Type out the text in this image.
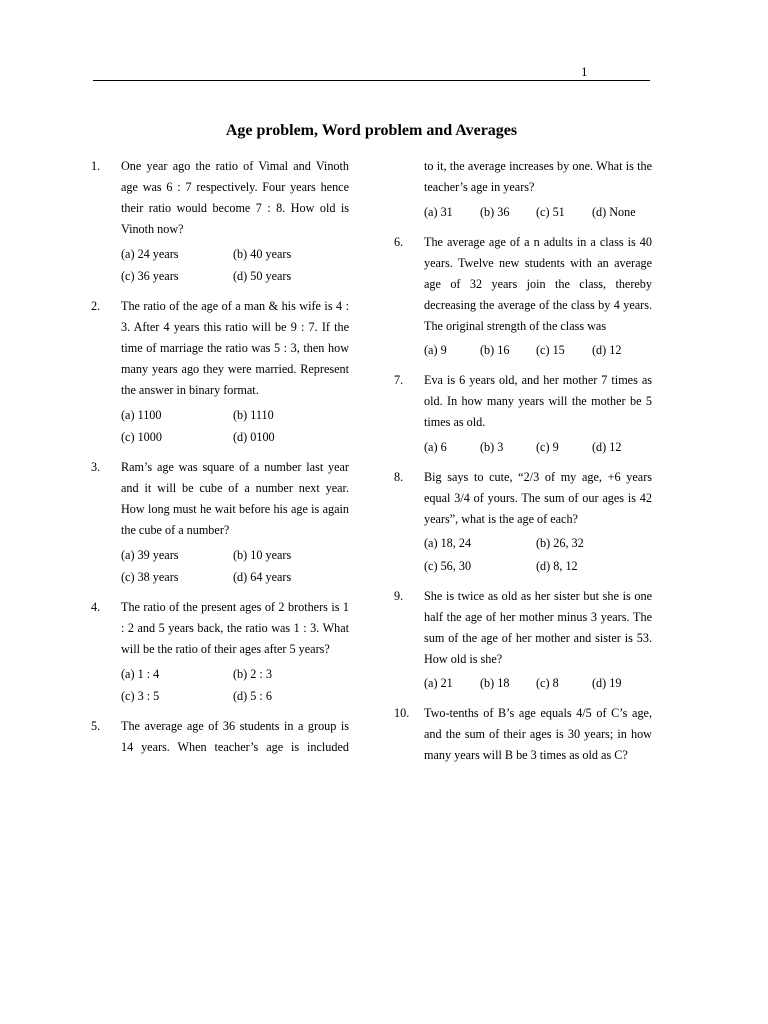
1
Age problem, Word problem and Averages
1.	One year ago the ratio of Vimal and Vinoth age was 6 : 7 respectively. Four years hence their ratio would become 7 : 8. How old is Vinoth now?
(a) 24 years	(b) 40 years
(c) 36 years	(d) 50 years
2.	The ratio of the age of a man & his wife is 4 : 3. After 4 years this ratio will be 9 : 7. If the time of marriage the ratio was 5 : 3, then how many years ago they were married. Represent the answer in binary format.
(a) 1100	(b) 1110
(c) 1000	(d) 0100
3.	Ram’s age was square of a number last year and it will be cube of a number next year. How long must he wait before his age is again the cube of a number?
(a) 39 years	(b) 10 years
(c) 38 years	(d) 64 years
4.	The ratio of the present ages of 2 brothers is 1 : 2 and 5 years back, the ratio was 1 : 3. What will be the ratio of their ages after 5 years?
(a) 1 : 4	(b) 2 : 3
(c) 3 : 5	(d) 5 : 6
5.	The average age of 36 students in a group is 14 years. When teacher’s age is included
to it, the average increases by one. What is the teacher’s age in years?
(a) 31	(b) 36	(c) 51	(d) None
6.	The average age of a n adults in a class is 40 years. Twelve new students with an average age of 32 years join the class, thereby decreasing the average of the class by 4 years. The original strength of the class was
(a) 9	(b) 16	(c) 15	(d) 12
7.	Eva is 6 years old, and her mother 7 times as old. In how many years will the mother be 5 times as old.
(a) 6	(b) 3	(c) 9	(d) 12
8.	Big says to cute, “2/3 of my age, +6 years equal 3/4 of yours. The sum of our ages is 42 years”, what is the age of each?
(a) 18, 24	(b) 26, 32
(c) 56, 30	(d) 8, 12
9.	She is twice as old as her sister but she is one half the age of her mother minus 3 years. The sum of the age of her mother and sister is 53. How old is she?
(a) 21	(b) 18	(c) 8	(d) 19
10.	Two-tenths of B’s age equals 4/5 of C’s age, and the sum of their ages is 30 years; in how many years will B be 3 times as old as C?
